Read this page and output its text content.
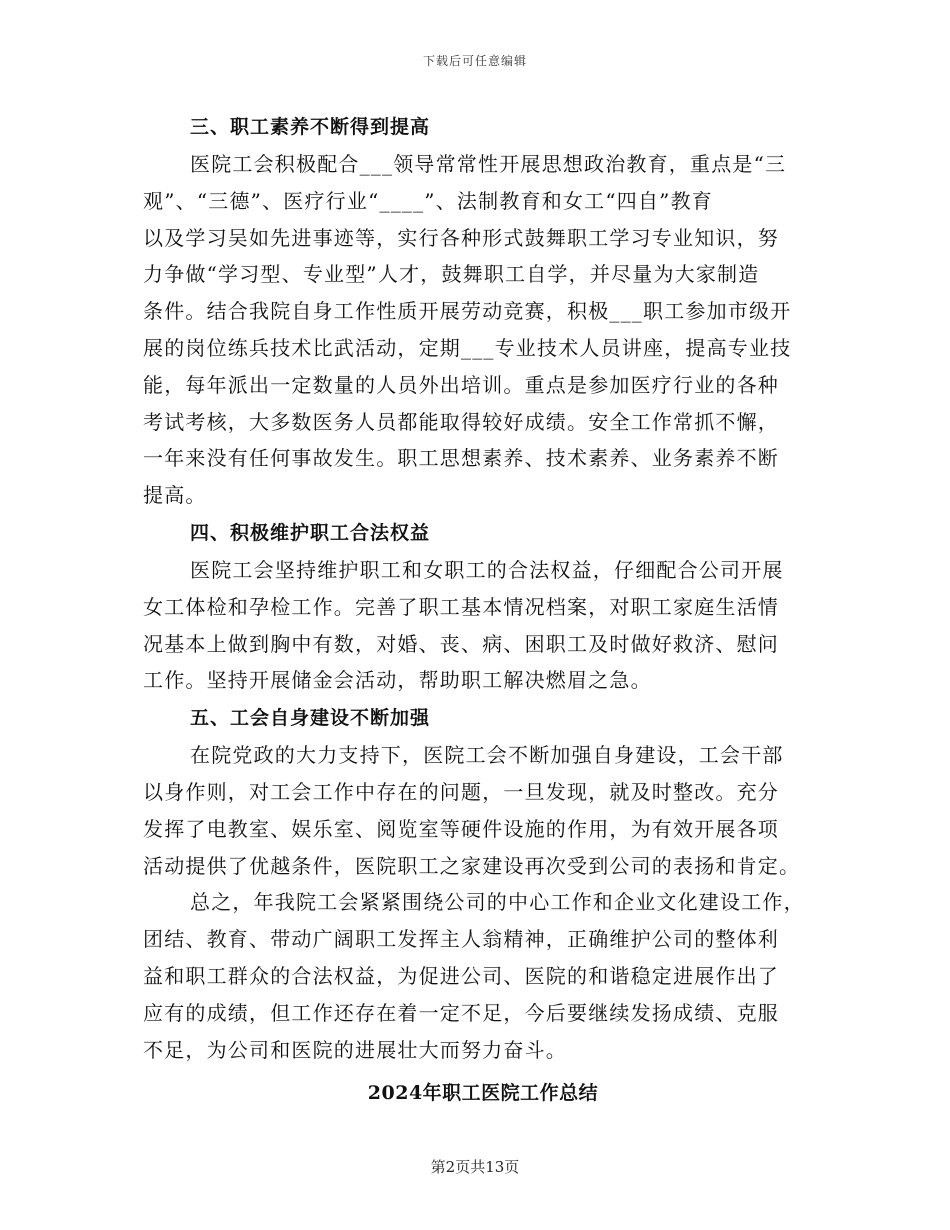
下载后可任意编辑
三、职工素养不断得到提高
医院工会积极配合___领导常常性开展思想政治教育，重点是“三
观”、“三德”、医疗行业“____”、法制教育和女工“四自”教育
以及学习吴如先进事迹等，实行各种形式鼓舞职工学习专业知识，努
力争做“学习型、专业型”人才，鼓舞职工自学，并尽量为大家制造
条件。结合我院自身工作性质开展劳动竞赛，积极___职工参加市级开
展的岗位练兵技术比武活动，定期___专业技术人员讲座，提高专业技
能，每年派出一定数量的人员外出培训。重点是参加医疗行业的各种
考试考核，大多数医务人员都能取得较好成绩。安全工作常抓不懈，
一年来没有任何事故发生。职工思想素养、技术素养、业务素养不断
提高。
四、积极维护职工合法权益
医院工会坚持维护职工和女职工的合法权益，仔细配合公司开展
女工体检和孕检工作。完善了职工基本情况档案，对职工家庭生活情
况基本上做到胸中有数，对婚、丧、病、困职工及时做好救济、慰问
工作。坚持开展储金会活动，帮助职工解决燃眉之急。
五、工会自身建设不断加强
在院党政的大力支持下，医院工会不断加强自身建设，工会干部
以身作则，对工会工作中存在的问题，一旦发现，就及时整改。充分
发挥了电教室、娱乐室、阅览室等硬件设施的作用，为有效开展各项
活动提供了优越条件，医院职工之家建设再次受到公司的表扬和肯定。
总之，年我院工会紧紧围绕公司的中心工作和企业文化建设工作，
团结、教育、带动广阔职工发挥主人翁精神，正确维护公司的整体利
益和职工群众的合法权益，为促进公司、医院的和谐稳定进展作出了
应有的成绩，但工作还存在着一定不足，今后要继续发扬成绩、克服
不足，为公司和医院的进展壮大而努力奋斗。
2024年职工医院工作总结
第2页共13页
